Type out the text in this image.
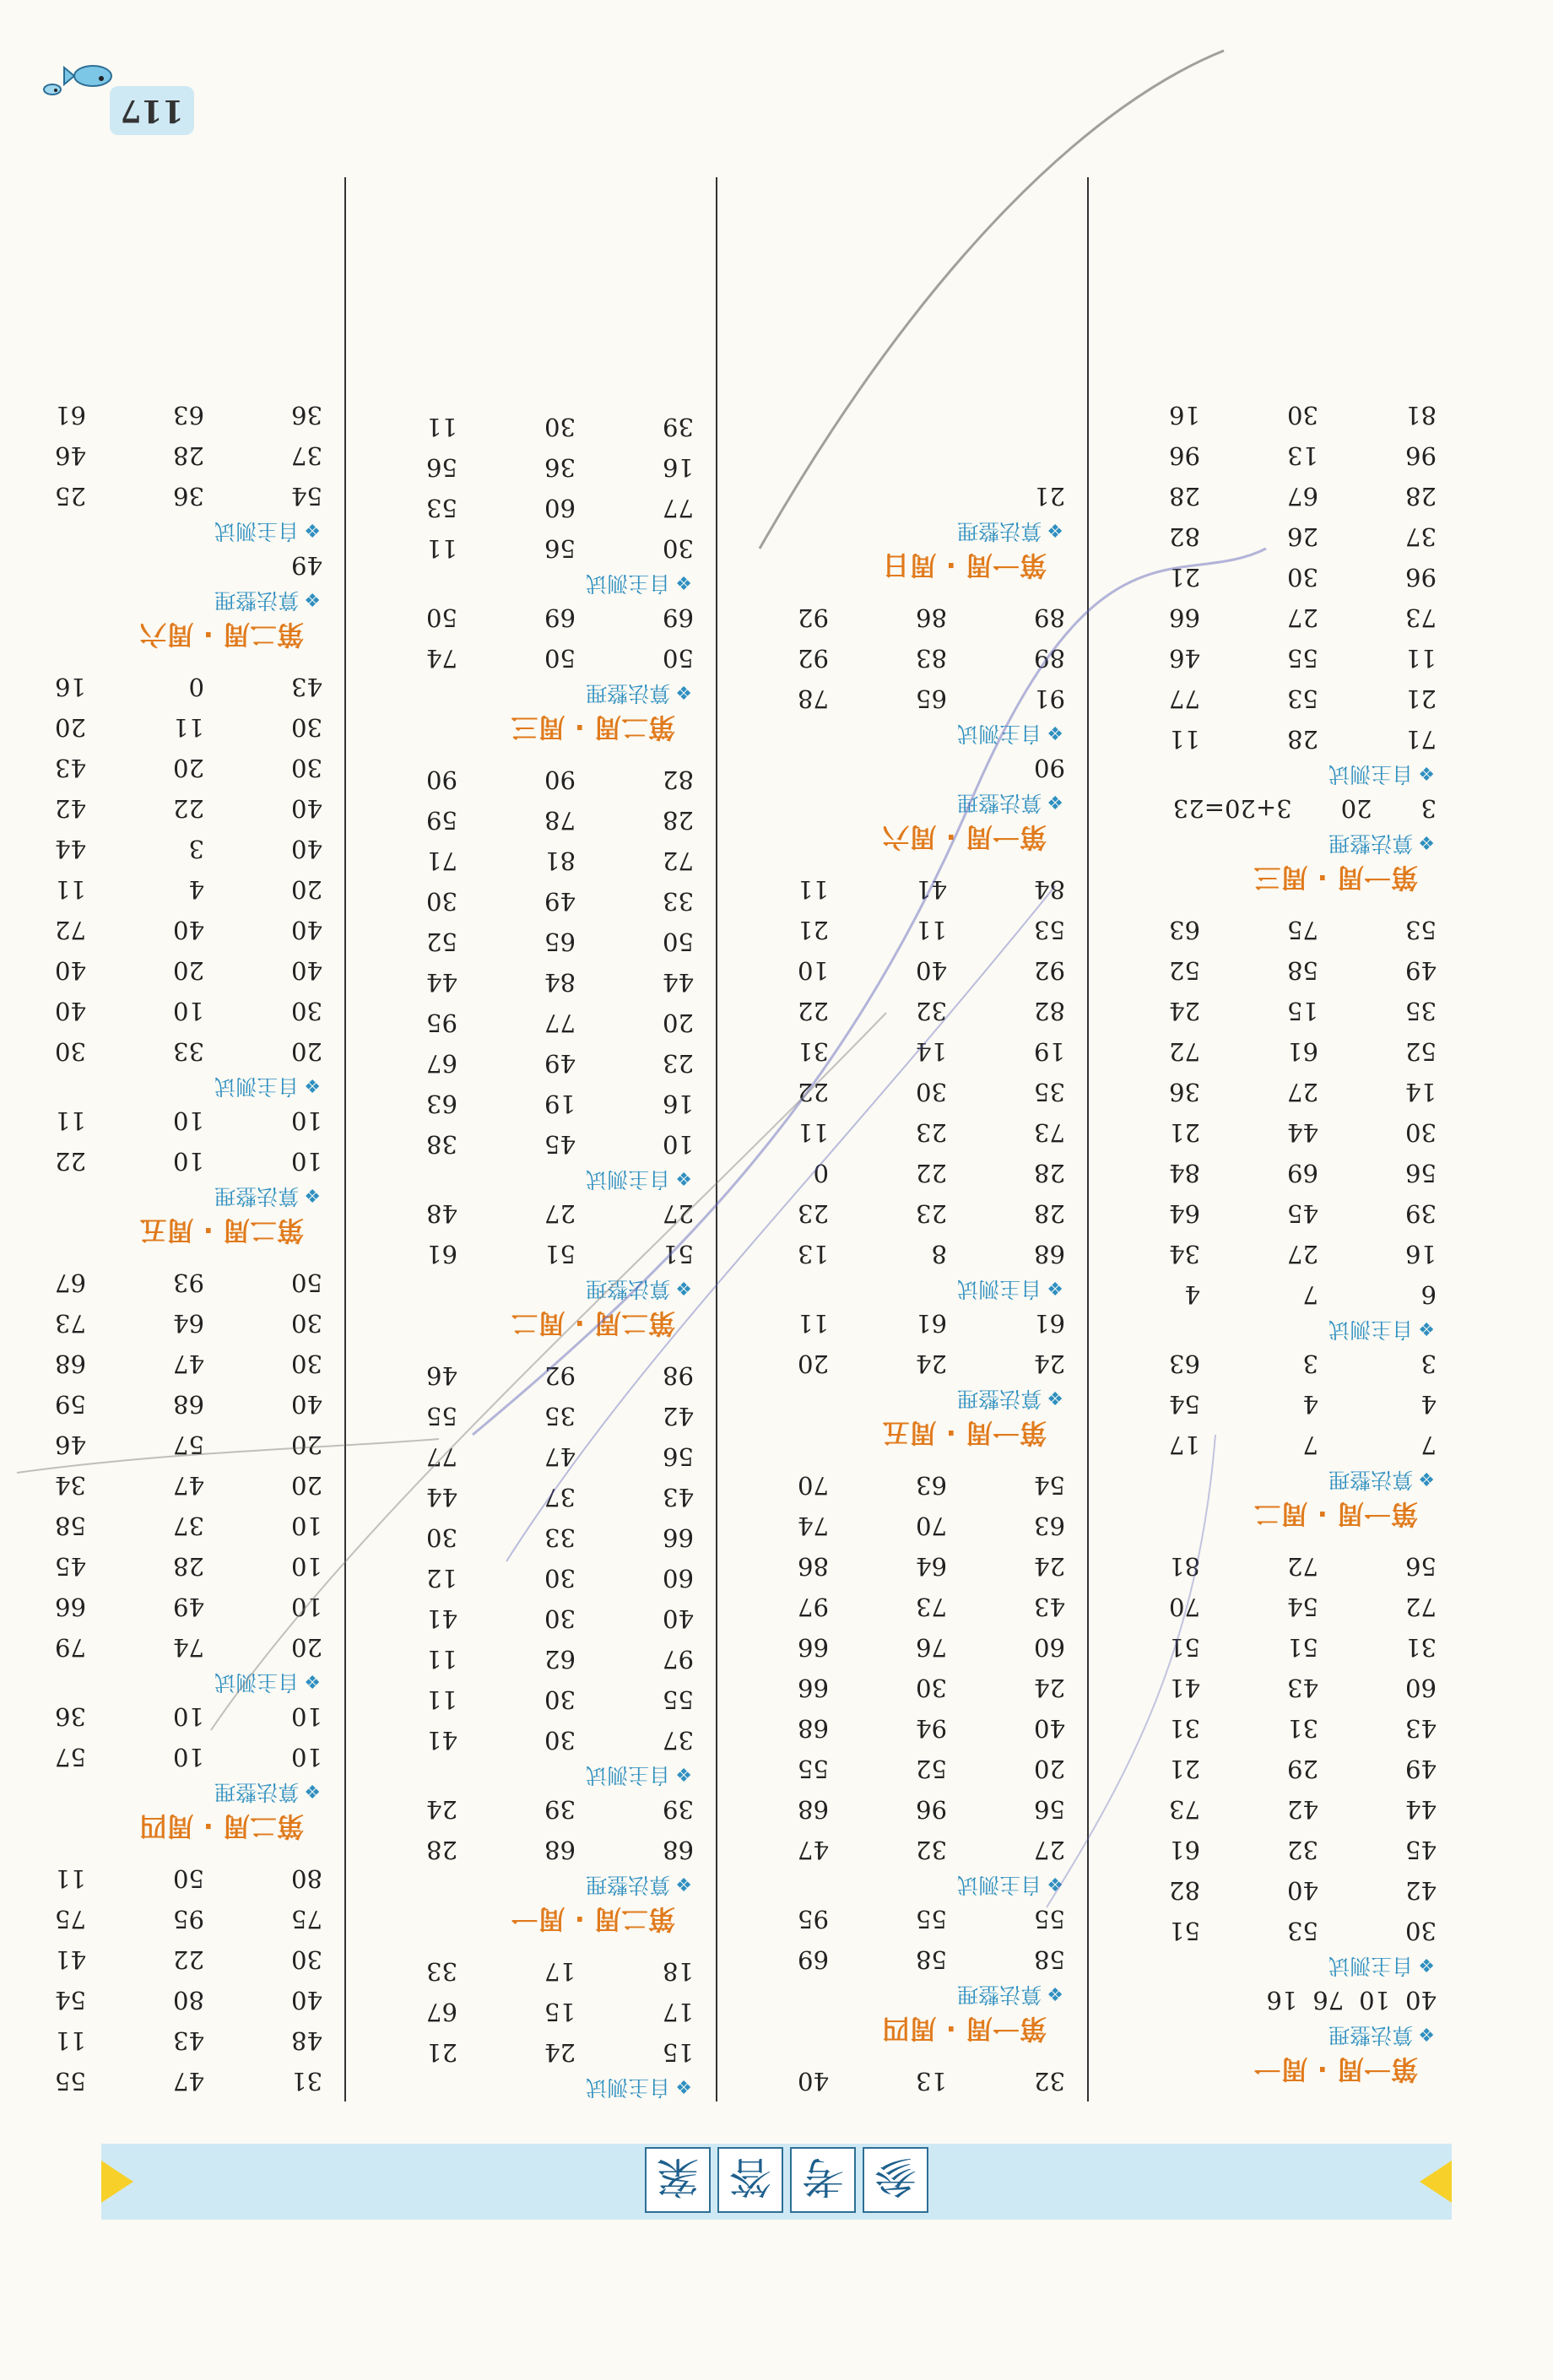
参
考
答
案
第一周 · 周一
❖算法整理
40
10
76
16
❖自主测试
30
53
51
42
40
82
45
32
61
44
42
73
49
29
21
43
31
31
60
43
41
31
51
51
72
54
70
56
72
81
第一周 · 周二
❖算法整理
7
7
17
4
4
54
3
3
63
❖自主测试
6
7
4
16
27
34
39
45
64
56
69
84
30
44
21
14
27
36
52
61
72
35
15
24
49
58
52
53
75
63
第一周 · 周三
❖算法整理
3
20
3+20=23
❖自主测试
71
28
11
21
53
77
11
55
46
73
27
66
96
30
21
37
26
82
28
67
28
96
13
96
81
30
16
32
13
40
第一周 · 周四
❖算法整理
58
58
69
55
55
95
❖自主测试
27
32
47
56
96
68
20
52
55
40
94
68
24
30
66
60
76
66
43
73
97
24
64
86
63
70
74
54
63
70
第一周 · 周五
❖算法整理
24
24
20
61
61
11
❖自主测试
68
8
13
28
23
23
28
22
0
73
23
11
35
30
22
19
14
31
82
32
22
92
40
10
53
11
21
84
41
11
第一周 · 周六
❖算法整理
90
❖自主测试
91
65
78
89
83
92
89
86
92
第一周 · 周日
❖算法整理
21
❖自主测试
15
24
21
17
15
67
18
17
33
第二周 · 周一
❖算法整理
68
68
28
39
39
24
❖自主测试
37
30
41
55
30
11
97
62
11
40
30
41
60
30
12
66
33
30
43
37
44
56
47
77
42
35
55
98
92
46
第二周 · 周二
❖算法整理
51
51
61
27
27
48
❖自主测试
10
45
38
16
19
63
23
49
67
20
77
95
44
84
44
50
65
52
33
49
30
72
81
71
28
78
59
82
90
90
第二周 · 周三
❖算法整理
50
50
74
69
69
50
❖自主测试
30
56
11
77
60
53
16
36
56
39
30
11
31
47
55
48
43
11
40
80
54
30
22
41
75
95
75
80
50
11
第二周 · 周四
❖算法整理
10
10
57
10
10
36
❖自主测试
20
74
79
10
49
66
10
28
45
10
37
58
20
47
34
20
57
46
40
68
59
30
47
68
30
64
73
50
93
67
第二周 · 周五
❖算法整理
10
10
22
10
10
11
❖自主测试
20
33
30
30
10
40
40
20
40
40
40
72
20
4
11
40
3
44
40
22
42
30
20
43
30
11
20
43
0
16
第二周 · 周六
❖算法整理
49
❖自主测试
54
36
25
37
28
46
36
63
61
117
